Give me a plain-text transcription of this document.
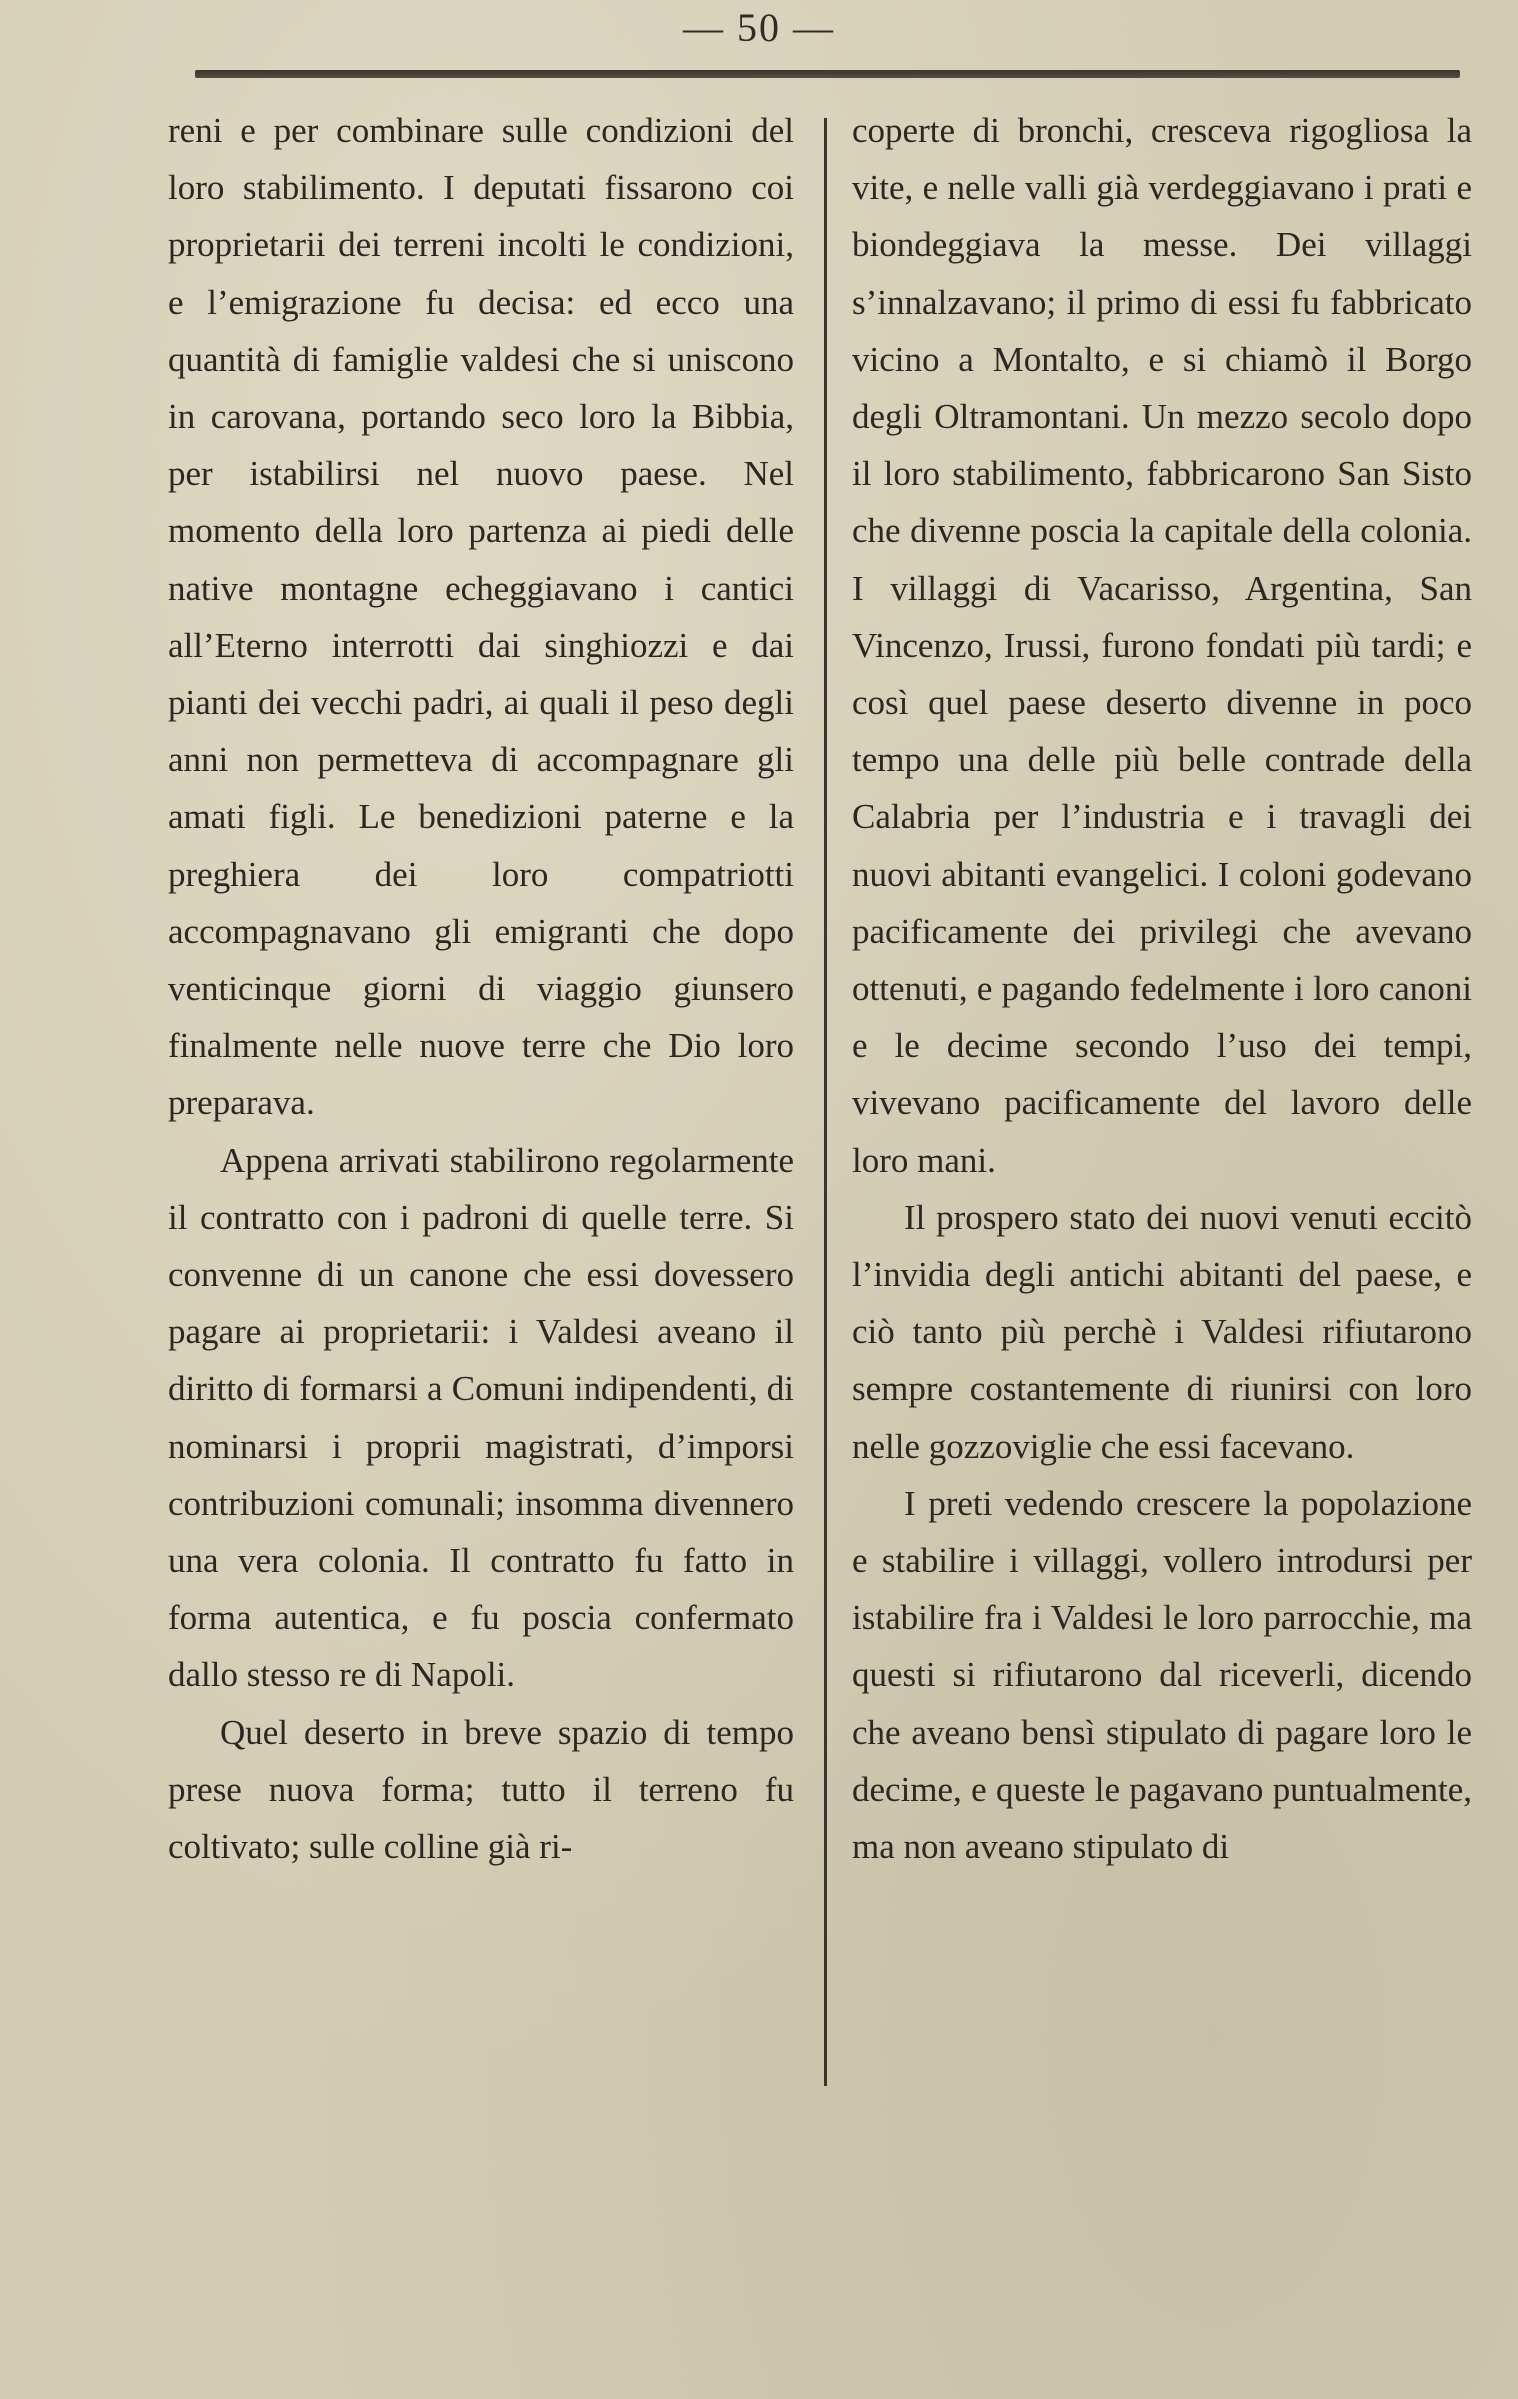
— 50 —

reni e per combinare sulle condizioni del loro stabilimento. I deputati fissarono coi proprietarii dei terreni incolti le condizioni, e l’emigrazione fu decisa: ed ecco una quantità di famiglie valdesi che si uniscono in carovana, portando seco loro la Bibbia, per istabilirsi nel nuovo paese. Nel momento della loro partenza ai piedi delle native montagne echeggiavano i cantici all’Eterno interrotti dai singhiozzi e dai pianti dei vecchi padri, ai quali il peso degli anni non permetteva di accompagnare gli amati figli. Le benedizioni paterne e la preghiera dei loro compatriotti accompagnavano gli emigranti che dopo venticinque giorni di viaggio giunsero finalmente nelle nuove terre che Dio loro preparava.

Appena arrivati stabilirono regolarmente il contratto con i padroni di quelle terre. Si convenne di un canone che essi dovessero pagare ai proprietarii: i Valdesi aveano il diritto di formarsi a Comuni indipendenti, di nominarsi i proprii magistrati, d’imporsi contribuzioni comunali; insomma divennero una vera colonia. Il contratto fu fatto in forma autentica, e fu poscia confermato dallo stesso re di Napoli.

Quel deserto in breve spazio di tempo prese nuova forma; tutto il terreno fu coltivato; sulle colline già ri-

coperte di bronchi, cresceva rigogliosa la vite, e nelle valli già verdeggiavano i prati e biondeggiava la messe. Dei villaggi s’innalzavano; il primo di essi fu fabbricato vicino a Montalto, e si chiamò il Borgo degli Oltramontani. Un mezzo secolo dopo il loro stabilimento, fabbricarono San Sisto che divenne poscia la capitale della colonia. I villaggi di Vacarisso, Argentina, San Vincenzo, Irussi, furono fondati più tardi; e così quel paese deserto divenne in poco tempo una delle più belle contrade della Calabria per l’industria e i travagli dei nuovi abitanti evangelici. I coloni godevano pacificamente dei privilegi che avevano ottenuti, e pagando fedelmente i loro canoni e le decime secondo l’uso dei tempi, vivevano pacificamente del lavoro delle loro mani.

Il prospero stato dei nuovi venuti eccitò l’invidia degli antichi abitanti del paese, e ciò tanto più perchè i Valdesi rifiutarono sempre costantemente di riunirsi con loro nelle gozzoviglie che essi facevano.

I preti vedendo crescere la popolazione e stabilire i villaggi, vollero introdursi per istabilire fra i Valdesi le loro parrocchie, ma questi si rifiutarono dal riceverli, dicendo che aveano bensì stipulato di pagare loro le decime, e queste le pagavano puntualmente, ma non aveano stipulato di
